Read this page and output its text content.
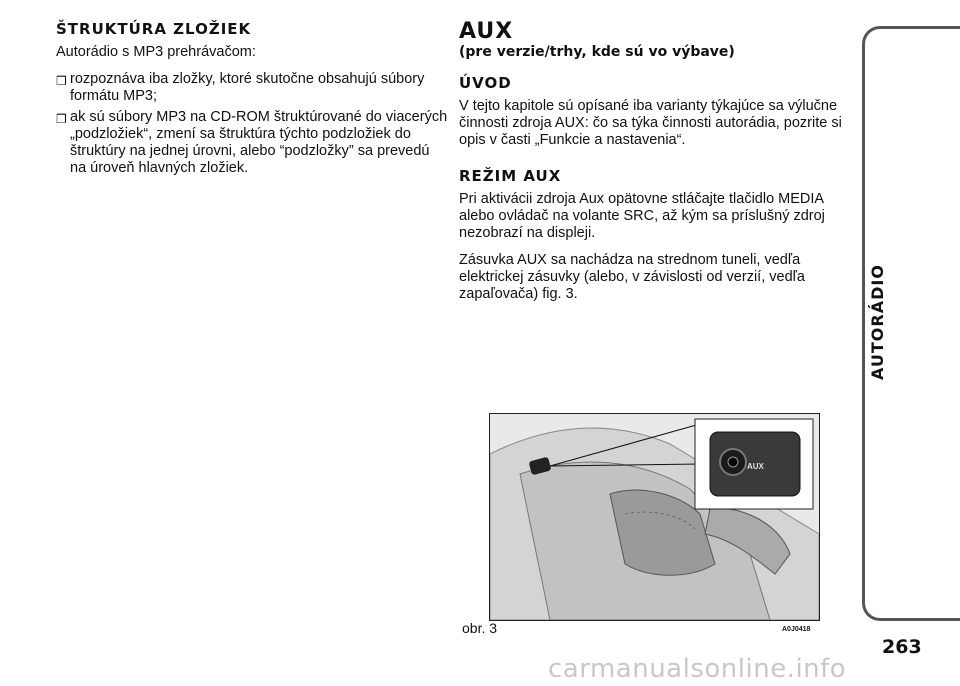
ŠTRUKTÚRA ZLOŽIEK
Autorádio s MP3 prehrávačom:
❒ rozpoznáva iba zložky, ktoré skutočne obsahujú súbory formátu MP3;
❒ ak sú súbory MP3 na CD-ROM štruktúrované do viacerých „podzložiek“, zmení sa štruktúra týchto podzložiek do štruktúry na jednej úrovni, alebo “podzložky” sa prevedú na úroveň hlavných zložiek.
AUX
(pre verzie/trhy, kde sú vo výbave)
ÚVOD
V tejto kapitole sú opísané iba varianty týkajúce sa výlučne činnosti zdroja AUX: čo sa týka činnosti autorádia, pozrite si opis v časti „Funkcie a nastavenia“.
REŽIM AUX
Pri aktivácii zdroja Aux opätovne stláčajte tlačidlo MEDIA alebo ovládač na volante SRC, až kým sa príslušný zdroj nezobrazí na displeji.
Zásuvka AUX sa nachádza na strednom tuneli, vedľa elektrickej zásuvky (alebo, v závislosti od verzií, vedľa zapaľovača) fig. 3.
AUX
obr. 3	A0J0418
AUTORÁDIO
263
carmanualsonline.info
